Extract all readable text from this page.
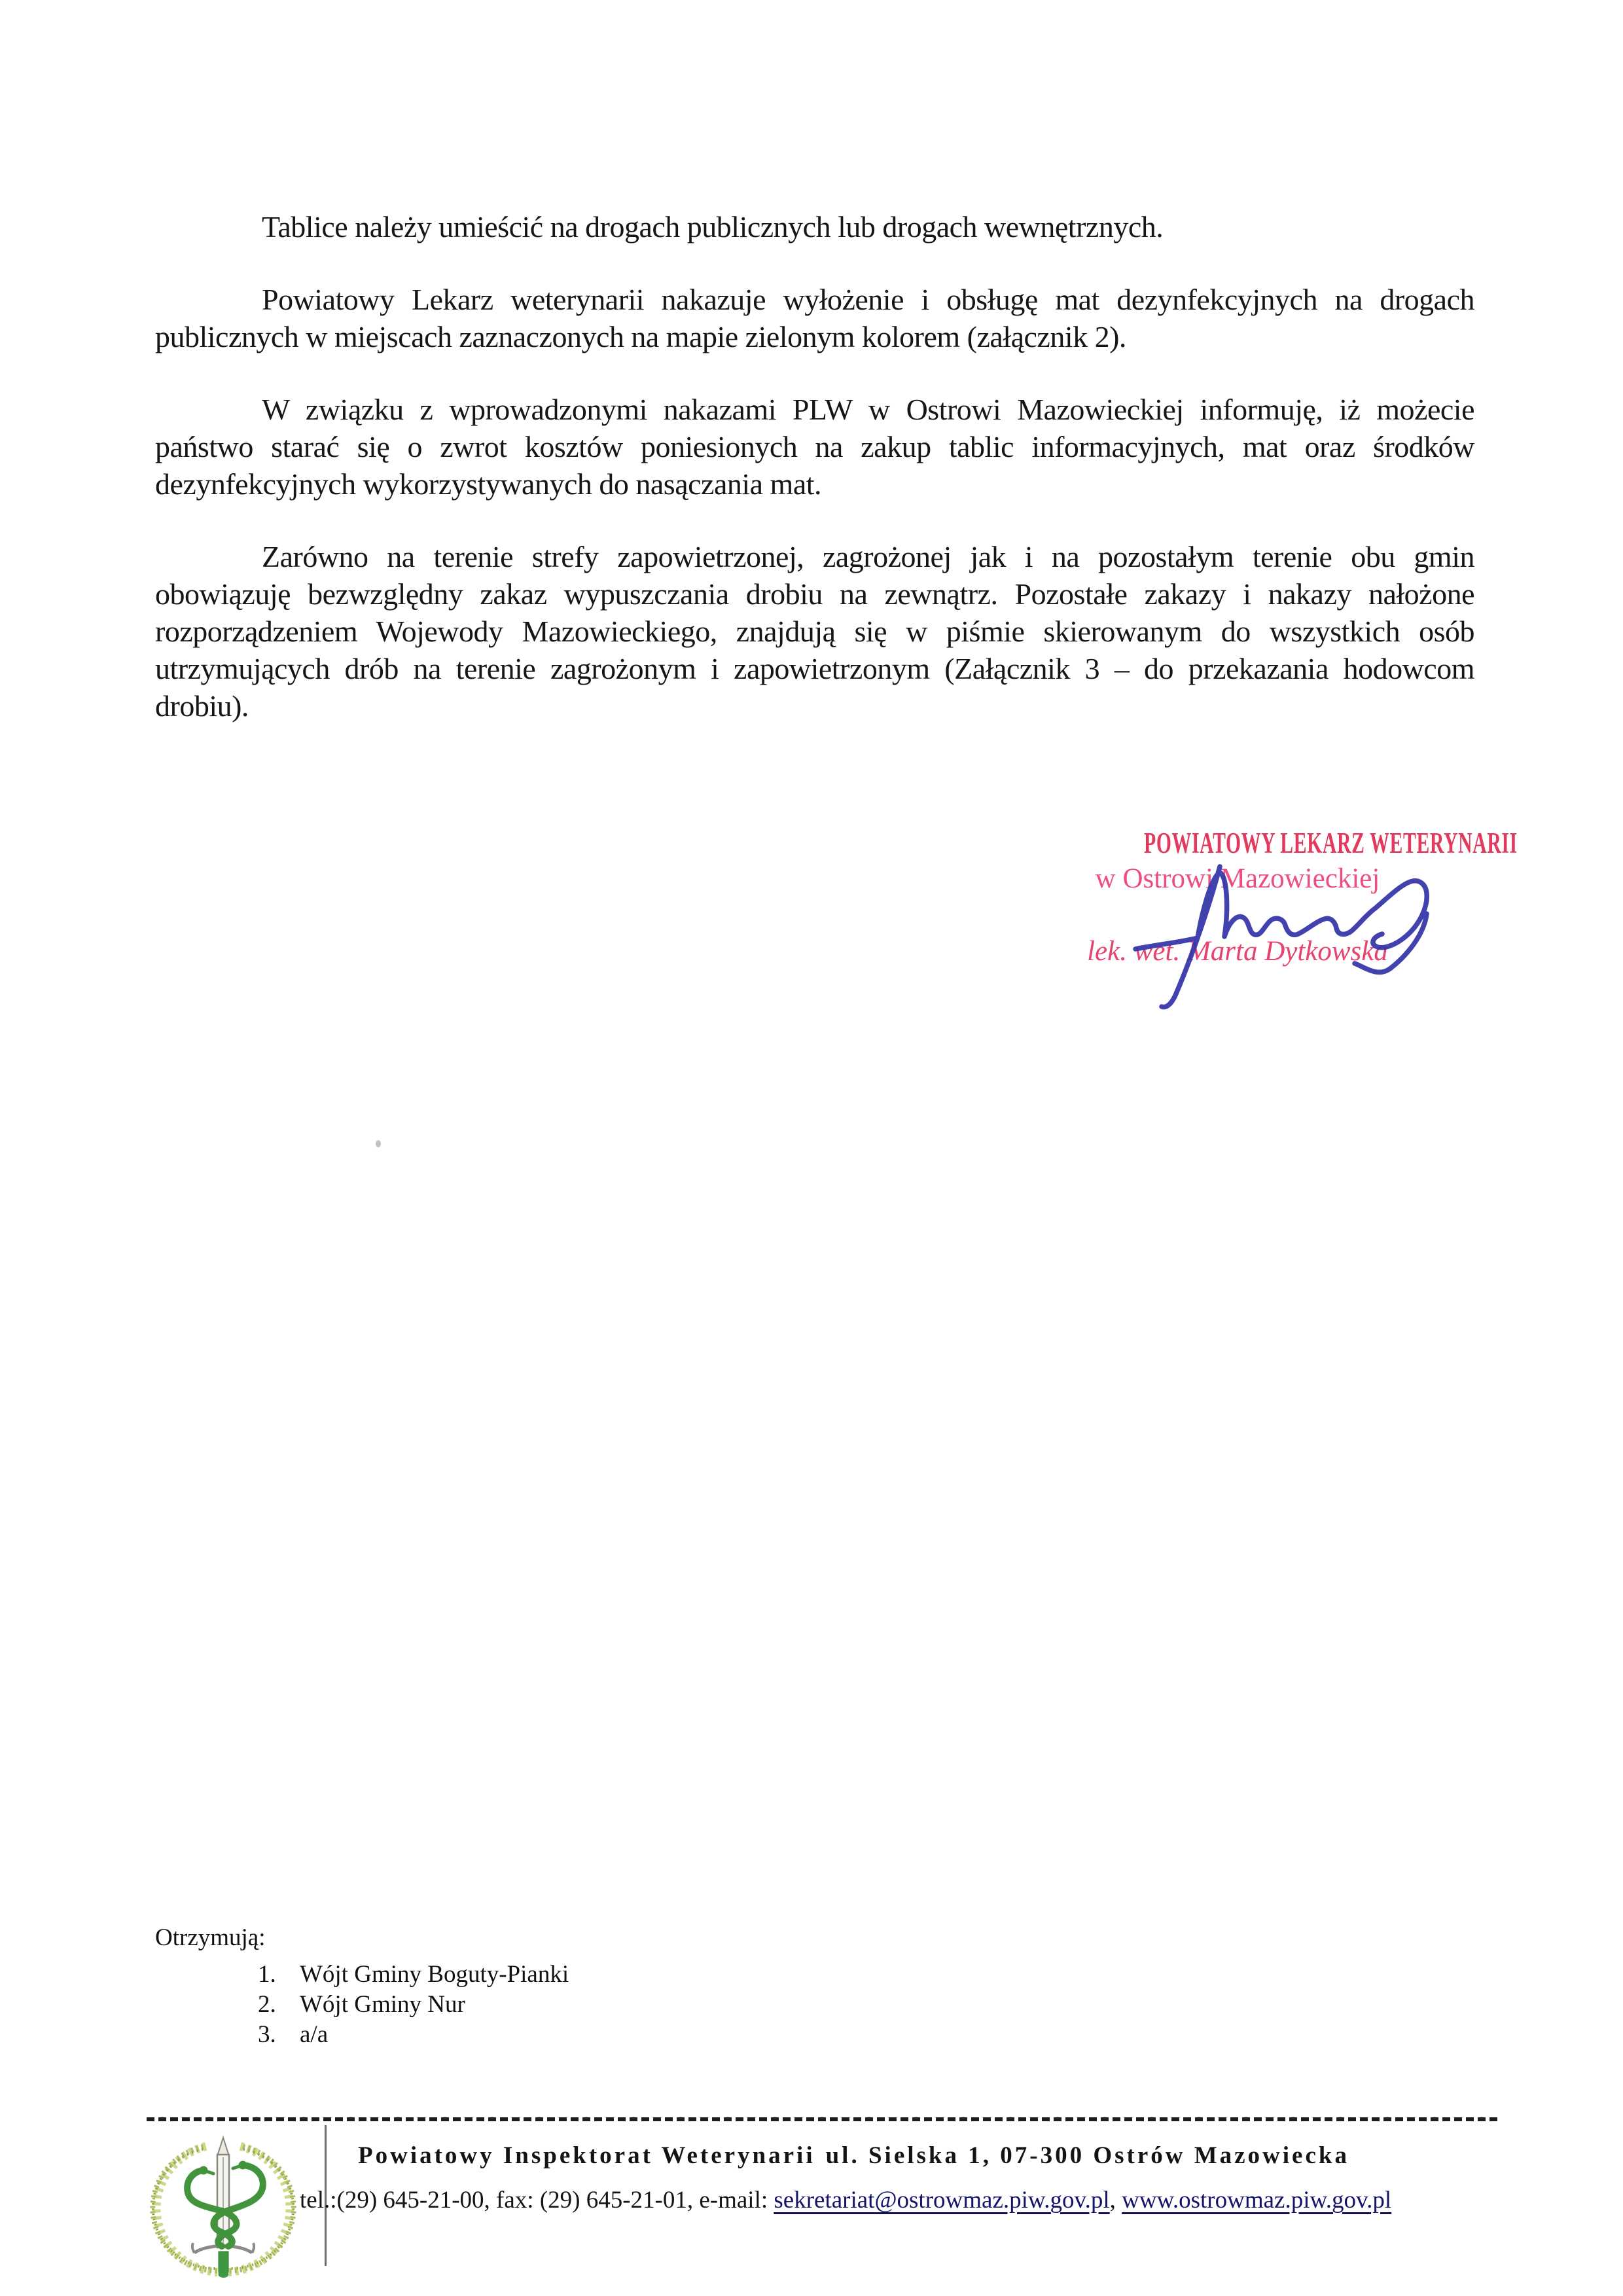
Tablice należy umieścić na drogach publicznych lub drogach wewnętrznych.

Powiatowy Lekarz weterynarii nakazuje wyłożenie i obsługę mat dezynfekcyjnych na drogach publicznych w miejscach zaznaczonych na mapie zielonym kolorem (załącznik 2).

W związku z wprowadzonymi nakazami PLW w Ostrowi Mazowieckiej informuję, iż możecie państwo starać się o zwrot kosztów poniesionych na zakup tablic informacyjnych, mat oraz środków dezynfekcyjnych wykorzystywanych do nasączania mat.

Zarówno na terenie strefy zapowietrzonej, zagrożonej jak i na pozostałym terenie obu gmin obowiązuję bezwzględny zakaz wypuszczania drobiu na zewnątrz. Pozostałe zakazy i nakazy nałożone rozporządzeniem Wojewody Mazowieckiego, znajdują się w piśmie skierowanym do wszystkich osób utrzymujących drób na terenie zagrożonym i zapowietrzonym (Załącznik 3 – do przekazania hodowcom drobiu).

POWIATOWY LEKARZ WETERYNARII
w Ostrowi Mazowieckiej
lek. wet. Marta Dytkowska
Otrzymują:
1. Wójt Gminy Boguty-Pianki
2. Wójt Gminy Nur
3. a/a
Powiatowy Inspektorat Weterynarii ul. Sielska 1, 07-300 Ostrów Mazowiecka
tel.:(29) 645-21-00, fax: (29) 645-21-01, e-mail: sekretariat@ostrowmaz.piw.gov.pl, www.ostrowmaz.piw.gov.pl
